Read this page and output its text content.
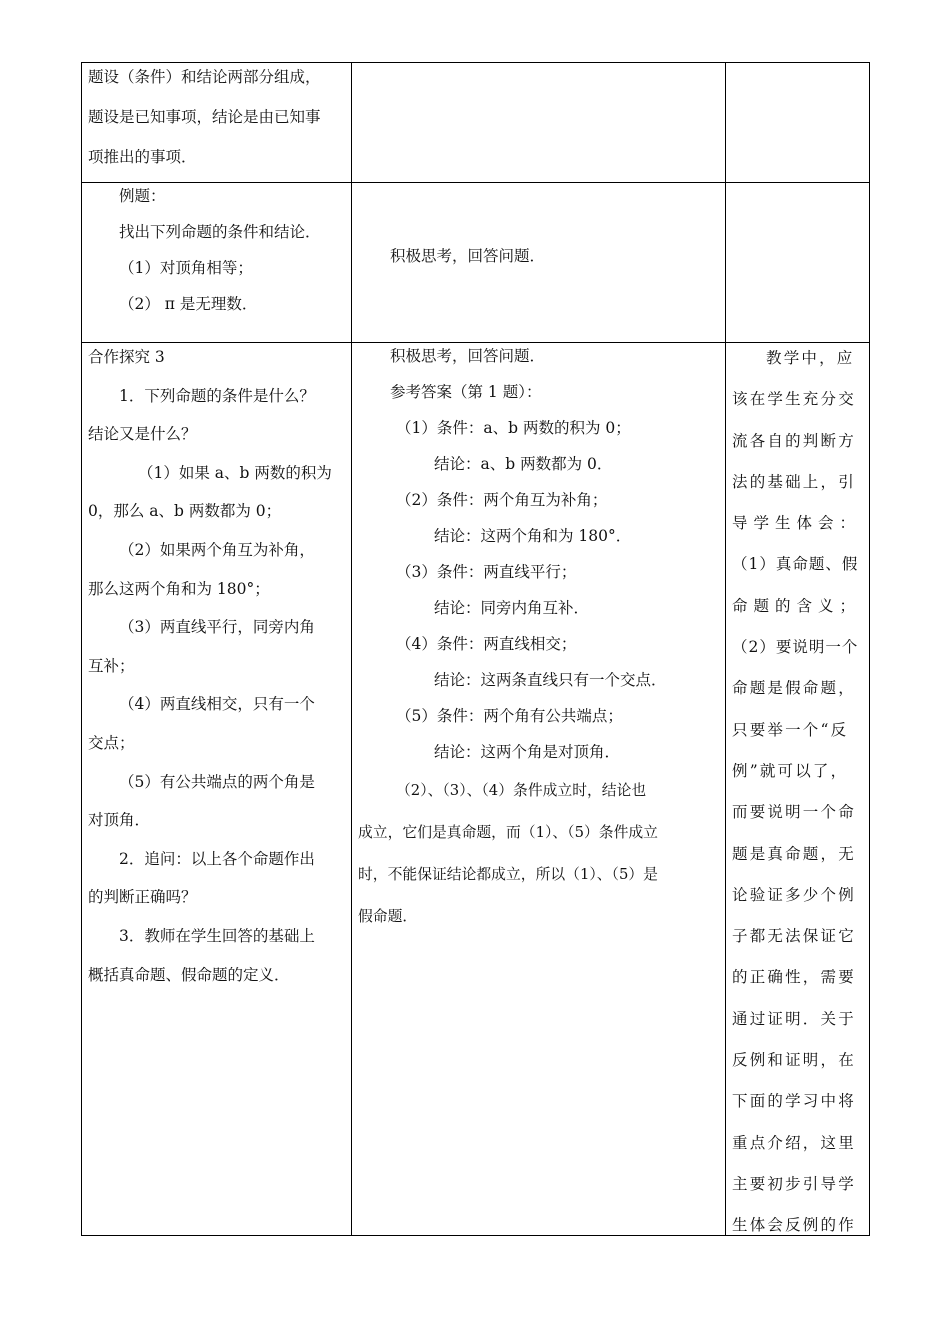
题设（条件）和结论两部分组成，

题设是已知事项，结论是由已知事

项推出的事项．

例题：

找出下列命题的条件和结论．

（1）对顶角相等；

（2） π 是无理数．

积极思考，回答问题．

合作探究 3

1．下列命题的条件是什么？

结论又是什么？

（1）如果 a、b 两数的积为

0，那么 a、b 两数都为 0；

（2）如果两个角互为补角，

那么这两个角和为 180°；

（3）两直线平行，同旁内角

互补；

（4）两直线相交，只有一个

交点；

（5）有公共端点的两个角是

对顶角．

2．追问：以上各个命题作出

的判断正确吗？

3．教师在学生回答的基础上

概括真命题、假命题的定义．

积极思考，回答问题．

参考答案（第 1 题）：

（1）条件：a、b 两数的积为 0；

结论：a、b 两数都为 0．

（2）条件：两个角互为补角；

结论：这两个角和为 180°．

（3）条件：两直线平行；

结论：同旁内角互补．

（4）条件：两直线相交；

结论：这两条直线只有一个交点．

（5）条件：两个角有公共端点；

结论：这两个角是对顶角．

（2）、（3）、（4）条件成立时，结论也

成立，它们是真命题，而（1）、（5）条件成立

时，不能保证结论都成立，所以（1）、（5）是

假命题．

教学中，应

该在学生充分交

流各自的判断方

法的基础上，引

导学生体会：

（1）真命题、假

命题的含义；

（2）要说明一个

命题是假命题，

只要举一个“反

例”就可以了，

而要说明一个命

题是真命题，无

论验证多少个例

子都无法保证它

的正确性，需要

通过证明．关于

反例和证明，在

下面的学习中将

重点介绍，这里

主要初步引导学

生体会反例的作
